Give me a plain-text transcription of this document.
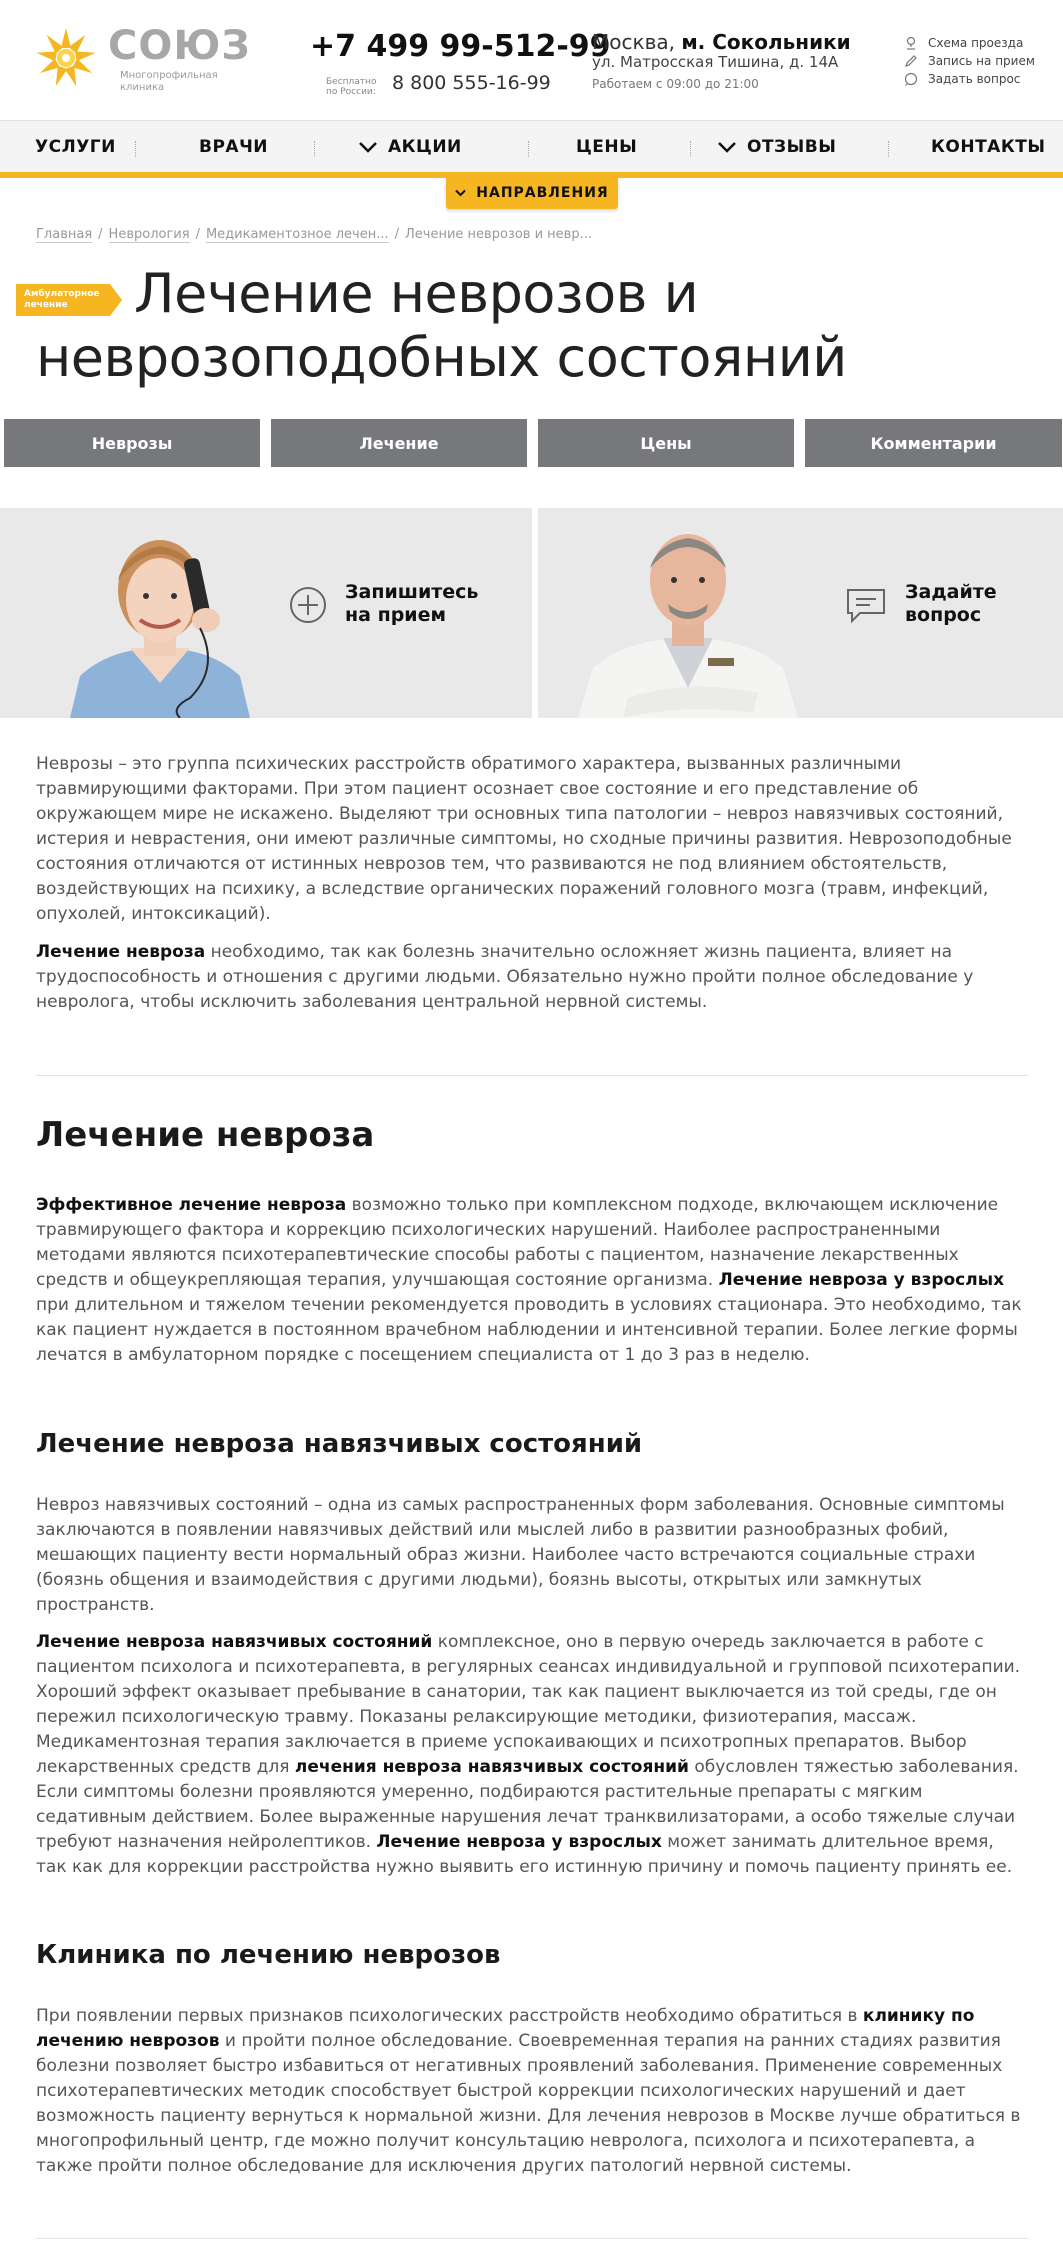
СОЮЗ
Многопрофильная клиника
+7 499 99-512-99
Бесплатно по России: 8 800 555-16-99
Москва, м. Сокольники
ул. Матросская Тишина, д. 14А
Работаем с 09:00 до 21:00
Схема проезда
Запись на прием
Задать вопрос
УСЛУГИ	ВРАЧИ	АКЦИИ	ЦЕНЫ	ОТЗЫВЫ	КОНТАКТЫ
НАПРАВЛЕНИЯ
Главная / Неврология / Медикаментозное лечен... / Лечение неврозов и невр...
Амбулаторное лечение	Лечение неврозов и
неврозоподобных состояний
Неврозы	Лечение	Цены	Комментарии
Запишитесь
на прием
Задайте
вопрос

Неврозы – это группа психических расстройств обратимого характера, вызванных различными травмирующими факторами. При этом пациент осознает свое состояние и его представление об окружающем мире не искажено. Выделяют три основных типа патологии – невроз навязчивых состояний, истерия и неврастения, они имеют различные симптомы, но сходные причины развития. Неврозоподобные состояния отличаются от истинных неврозов тем, что развиваются не под влиянием обстоятельств, воздействующих на психику, а вследствие органических поражений головного мозга (травм, инфекций, опухолей, интоксикаций).

Лечение невроза необходимо, так как болезнь значительно осложняет жизнь пациента, влияет на трудоспособность и отношения с другими людьми. Обязательно нужно пройти полное обследование у невролога, чтобы исключить заболевания центральной нервной системы.

Лечение невроза

Эффективное лечение невроза возможно только при комплексном подходе, включающем исключение травмирующего фактора и коррекцию психологических нарушений. Наиболее распространенными методами являются психотерапевтические способы работы с пациентом, назначение лекарственных средств и общеукрепляющая терапия, улучшающая состояние организма. Лечение невроза у взрослых при длительном и тяжелом течении рекомендуется проводить в условиях стационара. Это необходимо, так как пациент нуждается в постоянном врачебном наблюдении и интенсивной терапии. Более легкие формы лечатся в амбулаторном порядке с посещением специалиста от 1 до 3 раз в неделю.

Лечение невроза навязчивых состояний

Невроз навязчивых состояний – одна из самых распространенных форм заболевания. Основные симптомы заключаются в появлении навязчивых действий или мыслей либо в развитии разнообразных фобий, мешающих пациенту вести нормальный образ жизни. Наиболее часто встречаются социальные страхи (боязнь общения и взаимодействия с другими людьми), боязнь высоты, открытых или замкнутых пространств.

Лечение невроза навязчивых состояний комплексное, оно в первую очередь заключается в работе с пациентом психолога и психотерапевта, в регулярных сеансах индивидуальной и групповой психотерапии. Хороший эффект оказывает пребывание в санатории, так как пациент выключается из той среды, где он пережил психологическую травму. Показаны релаксирующие методики, физиотерапия, массаж. Медикаментозная терапия заключается в приеме успокаивающих и психотропных препаратов. Выбор лекарственных средств для лечения невроза навязчивых состояний обусловлен тяжестью заболевания. Если симптомы болезни проявляются умеренно, подбираются растительные препараты с мягким седативным действием. Более выраженные нарушения лечат транквилизаторами, а особо тяжелые случаи требуют назначения нейролептиков. Лечение невроза у взрослых может занимать длительное время, так как для коррекции расстройства нужно выявить его истинную причину и помочь пациенту принять ее.

Клиника по лечению неврозов

При появлении первых признаков психологических расстройств необходимо обратиться в клинику по лечению неврозов и пройти полное обследование. Своевременная терапия на ранних стадиях развития болезни позволяет быстро избавиться от негативных проявлений заболевания. Применение современных психотерапевтических методик способствует быстрой коррекции психологических нарушений и дает возможность пациенту вернуться к нормальной жизни. Для лечения неврозов в Москве лучше обратиться в многопрофильный центр, где можно получит консультацию невролога, психолога и психотерапевта, а также пройти полное обследование для исключения других патологий нервной системы.
